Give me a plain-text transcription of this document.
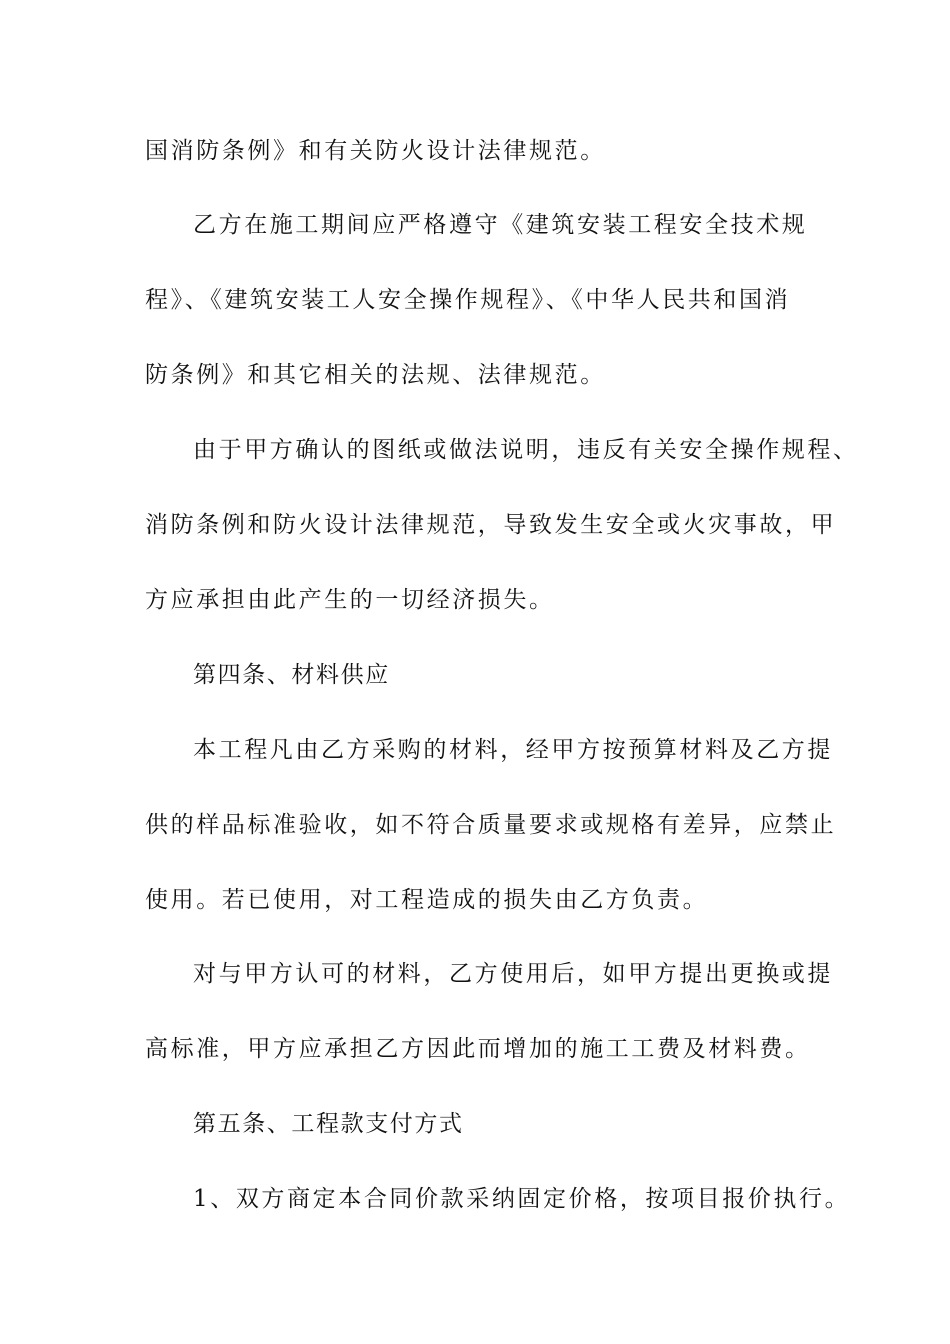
国消防条例》和有关防火设计法律规范。
乙方在施工期间应严格遵守《建筑安装工程安全技术规
程》、《建筑安装工人安全操作规程》、《中华人民共和国消
防条例》和其它相关的法规、法律规范。
由于甲方确认的图纸或做法说明，违反有关安全操作规程、
消防条例和防火设计法律规范，导致发生安全或火灾事故，甲
方应承担由此产生的一切经济损失。
第四条、材料供应
本工程凡由乙方采购的材料，经甲方按预算材料及乙方提
供的样品标准验收，如不符合质量要求或规格有差异，应禁止
使用。若已使用，对工程造成的损失由乙方负责。
对与甲方认可的材料，乙方使用后，如甲方提出更换或提
高标准，甲方应承担乙方因此而增加的施工工费及材料费。
第五条、工程款支付方式
1、双方商定本合同价款采纳固定价格，按项目报价执行。
